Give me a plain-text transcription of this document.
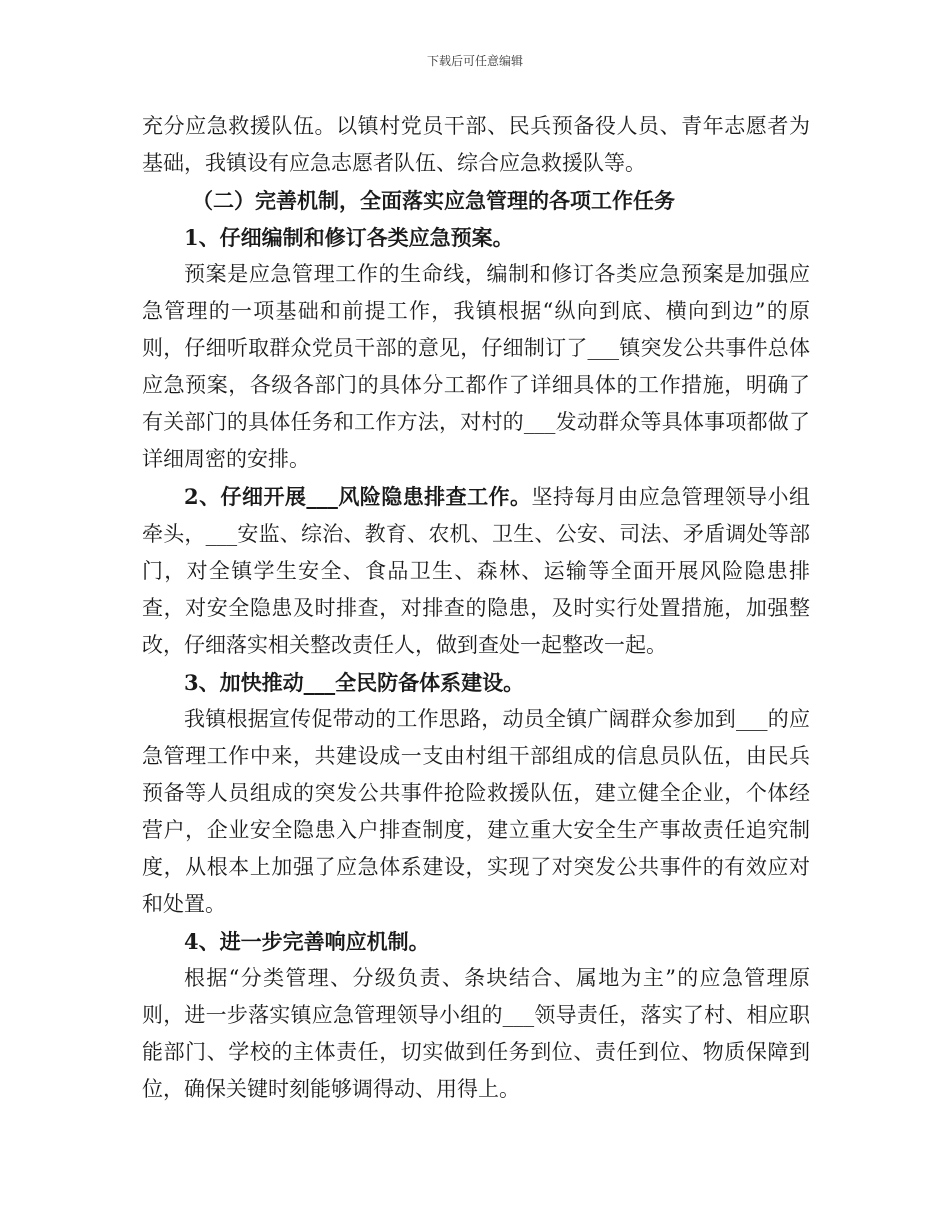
下载后可任意编辑

充分应急救援队伍。以镇村党员干部、民兵预备役人员、青年志愿者为基础，我镇设有应急志愿者队伍、综合应急救援队等。

（二）完善机制，全面落实应急管理的各项工作任务

1、仔细编制和修订各类应急预案。

预案是应急管理工作的生命线，编制和修订各类应急预案是加强应急管理的一项基础和前提工作，我镇根据“纵向到底、横向到边”的原则，仔细听取群众党员干部的意见，仔细制订了___镇突发公共事件总体应急预案，各级各部门的具体分工都作了详细具体的工作措施，明确了有关部门的具体任务和工作方法，对村的___发动群众等具体事项都做了详细周密的安排。

2、仔细开展___风险隐患排查工作。坚持每月由应急管理领导小组牵头，___安监、综治、教育、农机、卫生、公安、司法、矛盾调处等部门，对全镇学生安全、食品卫生、森林、运输等全面开展风险隐患排查，对安全隐患及时排查，对排查的隐患，及时实行处置措施，加强整改，仔细落实相关整改责任人，做到查处一起整改一起。

3、加快推动___全民防备体系建设。

我镇根据宣传促带动的工作思路，动员全镇广阔群众参加到___的应急管理工作中来，共建设成一支由村组干部组成的信息员队伍，由民兵预备等人员组成的突发公共事件抢险救援队伍，建立健全企业，个体经营户，企业安全隐患入户排查制度，建立重大安全生产事故责任追究制度，从根本上加强了应急体系建设，实现了对突发公共事件的有效应对和处置。

4、进一步完善响应机制。

根据“分类管理、分级负责、条块结合、属地为主”的应急管理原则，进一步落实镇应急管理领导小组的___领导责任，落实了村、相应职能部门、学校的主体责任，切实做到任务到位、责任到位、物质保障到位，确保关键时刻能够调得动、用得上。
